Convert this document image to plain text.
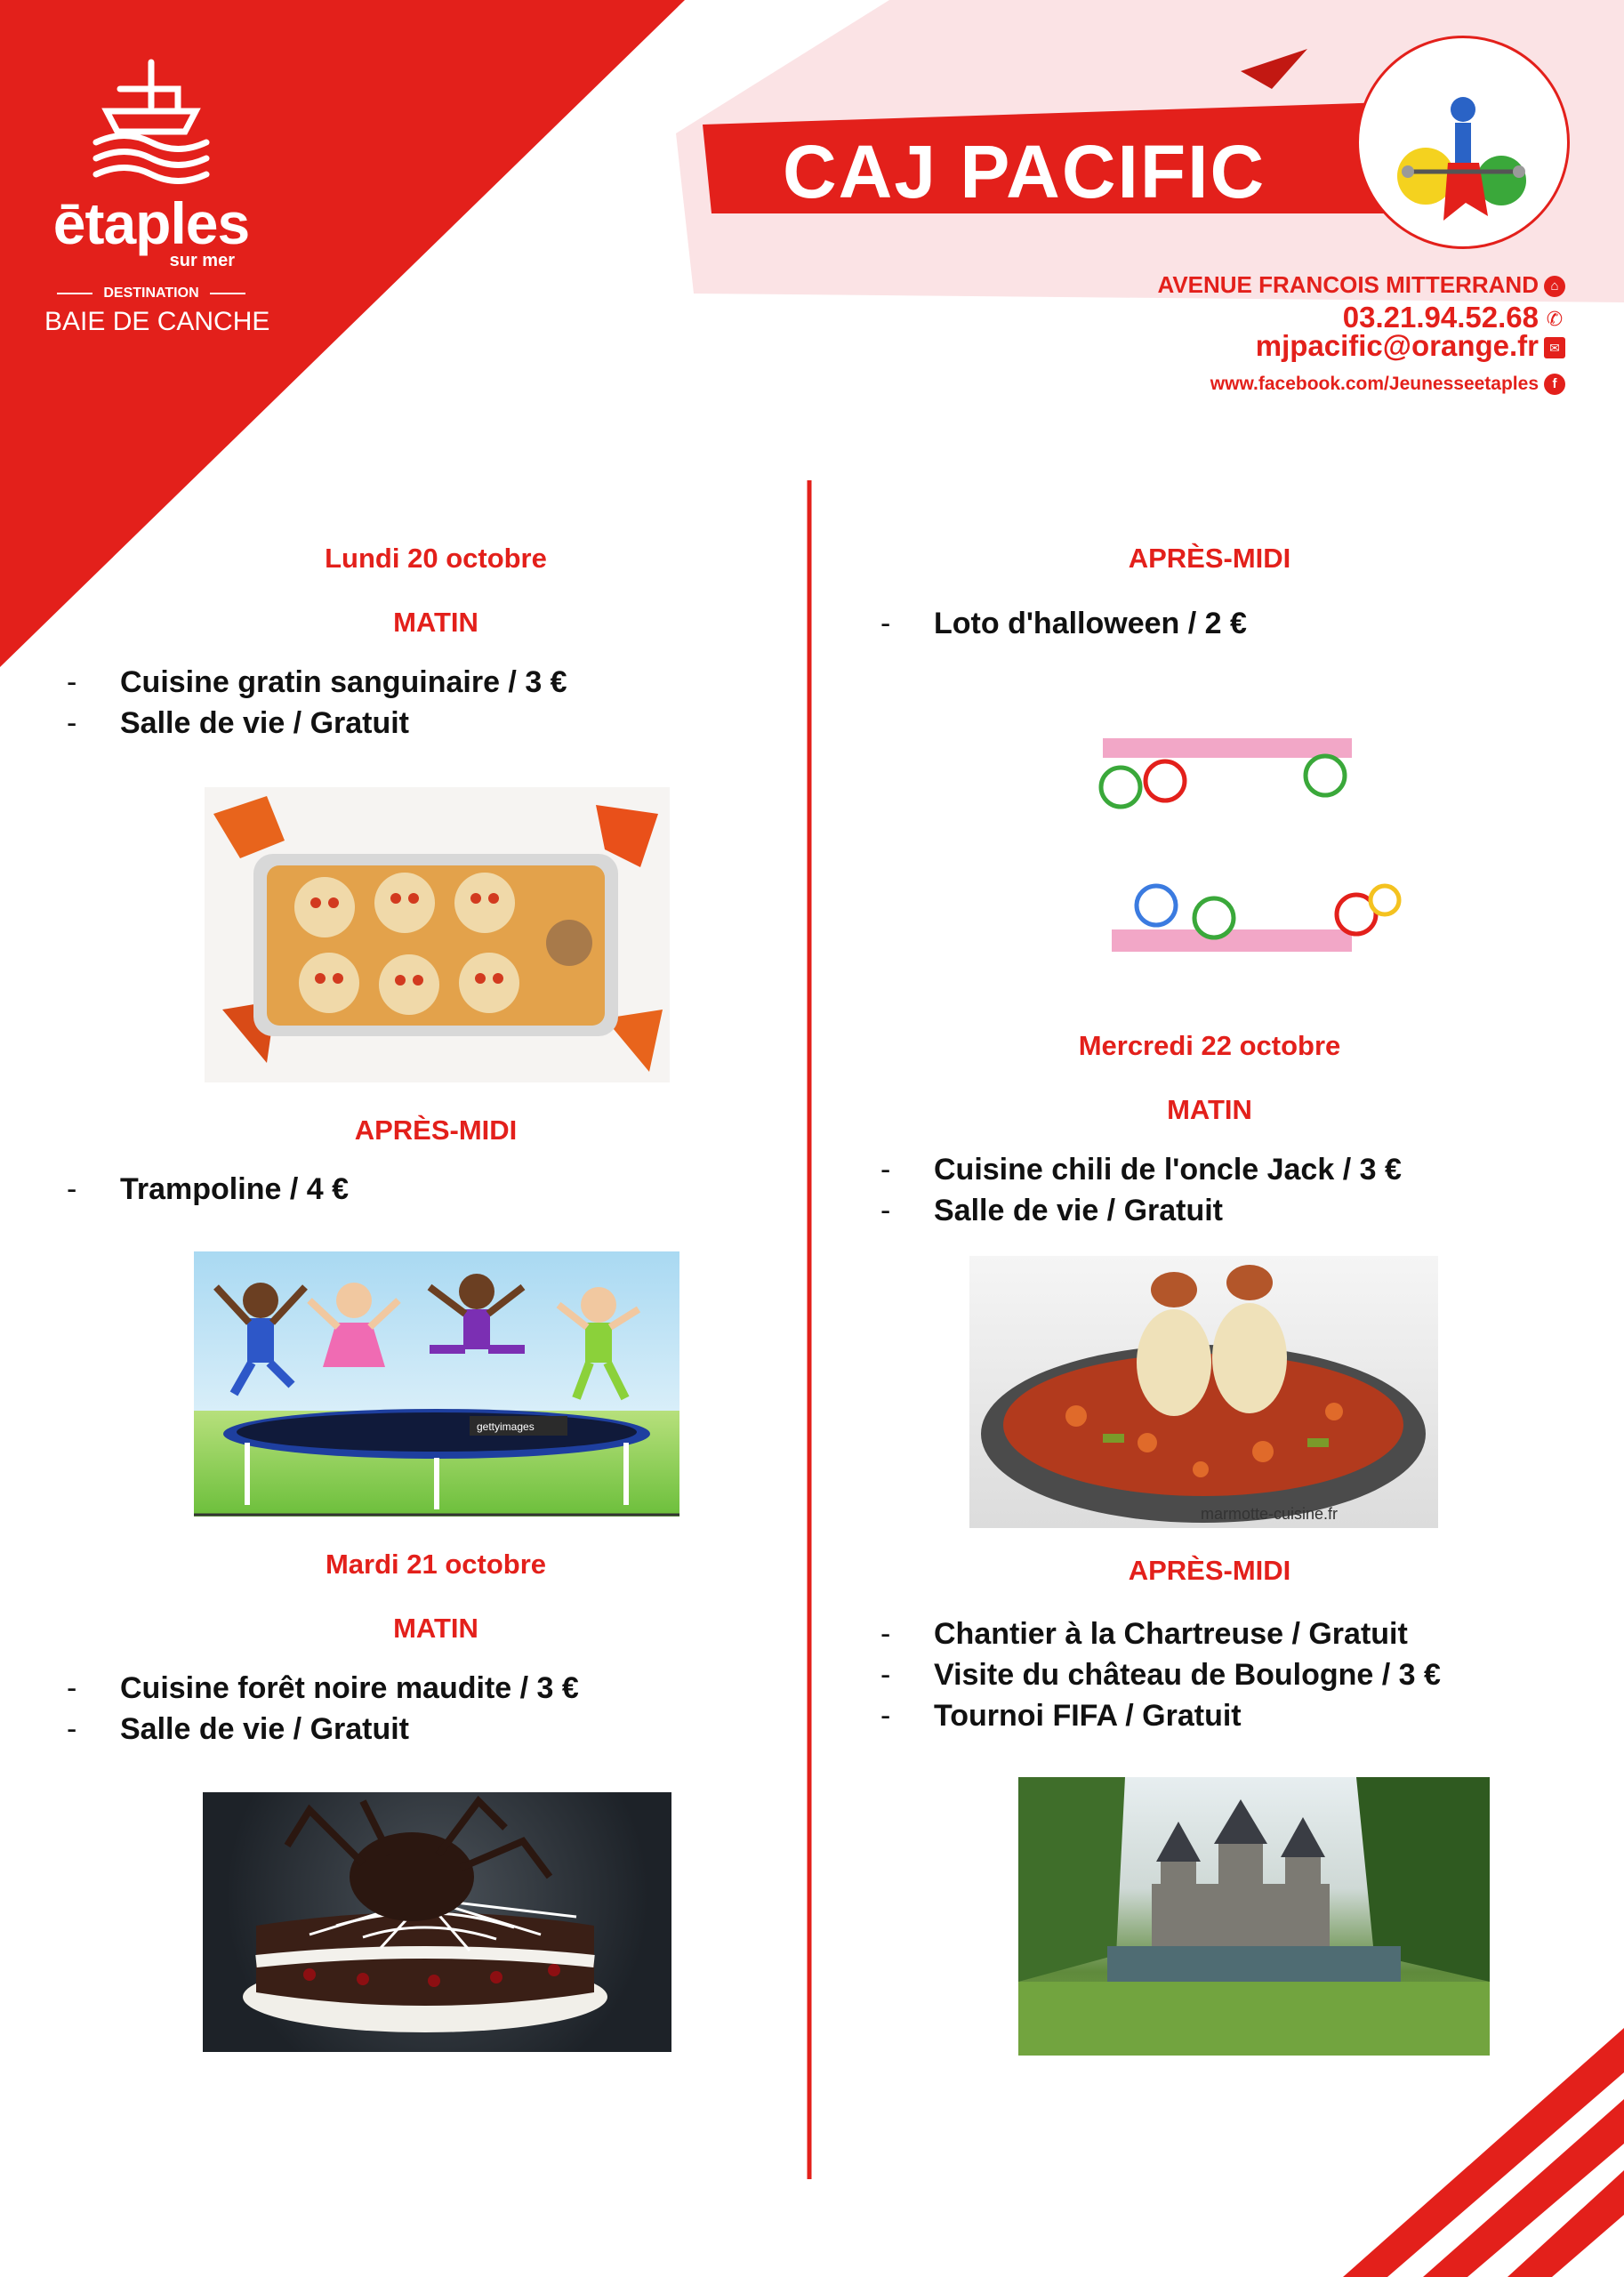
ētaples
sur mer
DESTINATION
BAIE DE CANCHE
CAJ PACIFIC
AVENUE FRANCOIS MITTERRAND ⌂
03.21.94.52.68 ✆
mjpacific@orange.fr ✉
www.facebook.com/Jeunesseetaples f
Lundi 20 octobre
MATIN
- Cuisine gratin sanguinaire / 3 €
- Salle de vie / Gratuit
APRÈS-MIDI
- Trampoline / 4 €
gettyimages
Mardi 21 octobre
MATIN
- Cuisine forêt noire maudite / 3 €
- Salle de vie / Gratuit
APRÈS-MIDI
- Loto d'halloween / 2 €
Mercredi 22 octobre
MATIN
- Cuisine chili de l'oncle Jack / 3 €
- Salle de vie / Gratuit
marmotte-cuisine.fr
APRÈS-MIDI
- Chantier à la Chartreuse / Gratuit
- Visite du château de Boulogne / 3 €
- Tournoi FIFA / Gratuit
